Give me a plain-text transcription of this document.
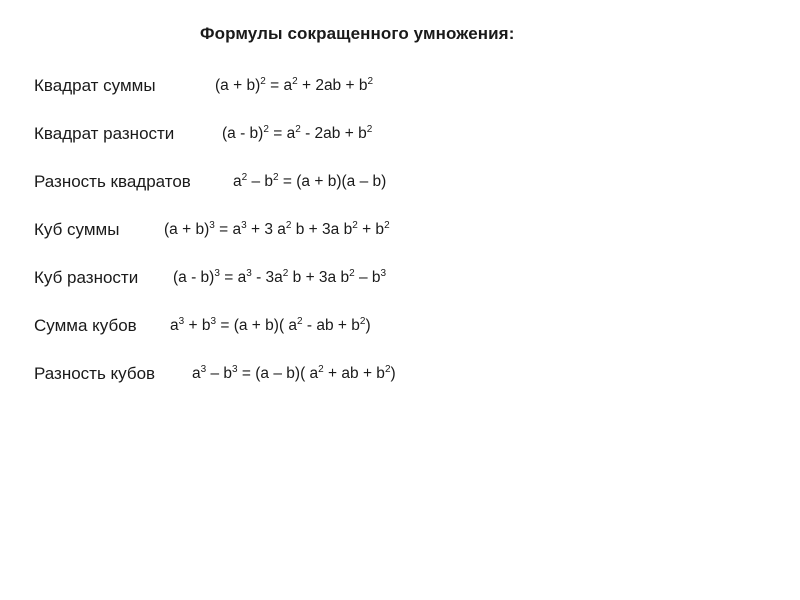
Формулы сокращенного умножения:
Квадрат суммы	$(a + b)^2 = a^2 + 2ab + b^2$
Квадрат разности	$(a - b)^2 = a^2 - 2ab + b^2$
Разность квадратов	$a^2 - b^2 = (a + b)(a - b)$
Куб суммы	$(a + b)^3 = a^3 + 3$ $a^2$ b + 3a $b^2 + b^2$
Куб разности $(a - b)^3 = a^3 - 3a^2$ b + 3a $b^2 - b^3$
Сумма кубов $a^3 + b^3 = (a + b)$( $a^2$ - ab + $b^2$)
Разность кубов $a^3 - b^3 = (a - b)$( $a^2$ + ab + $b^2$)
